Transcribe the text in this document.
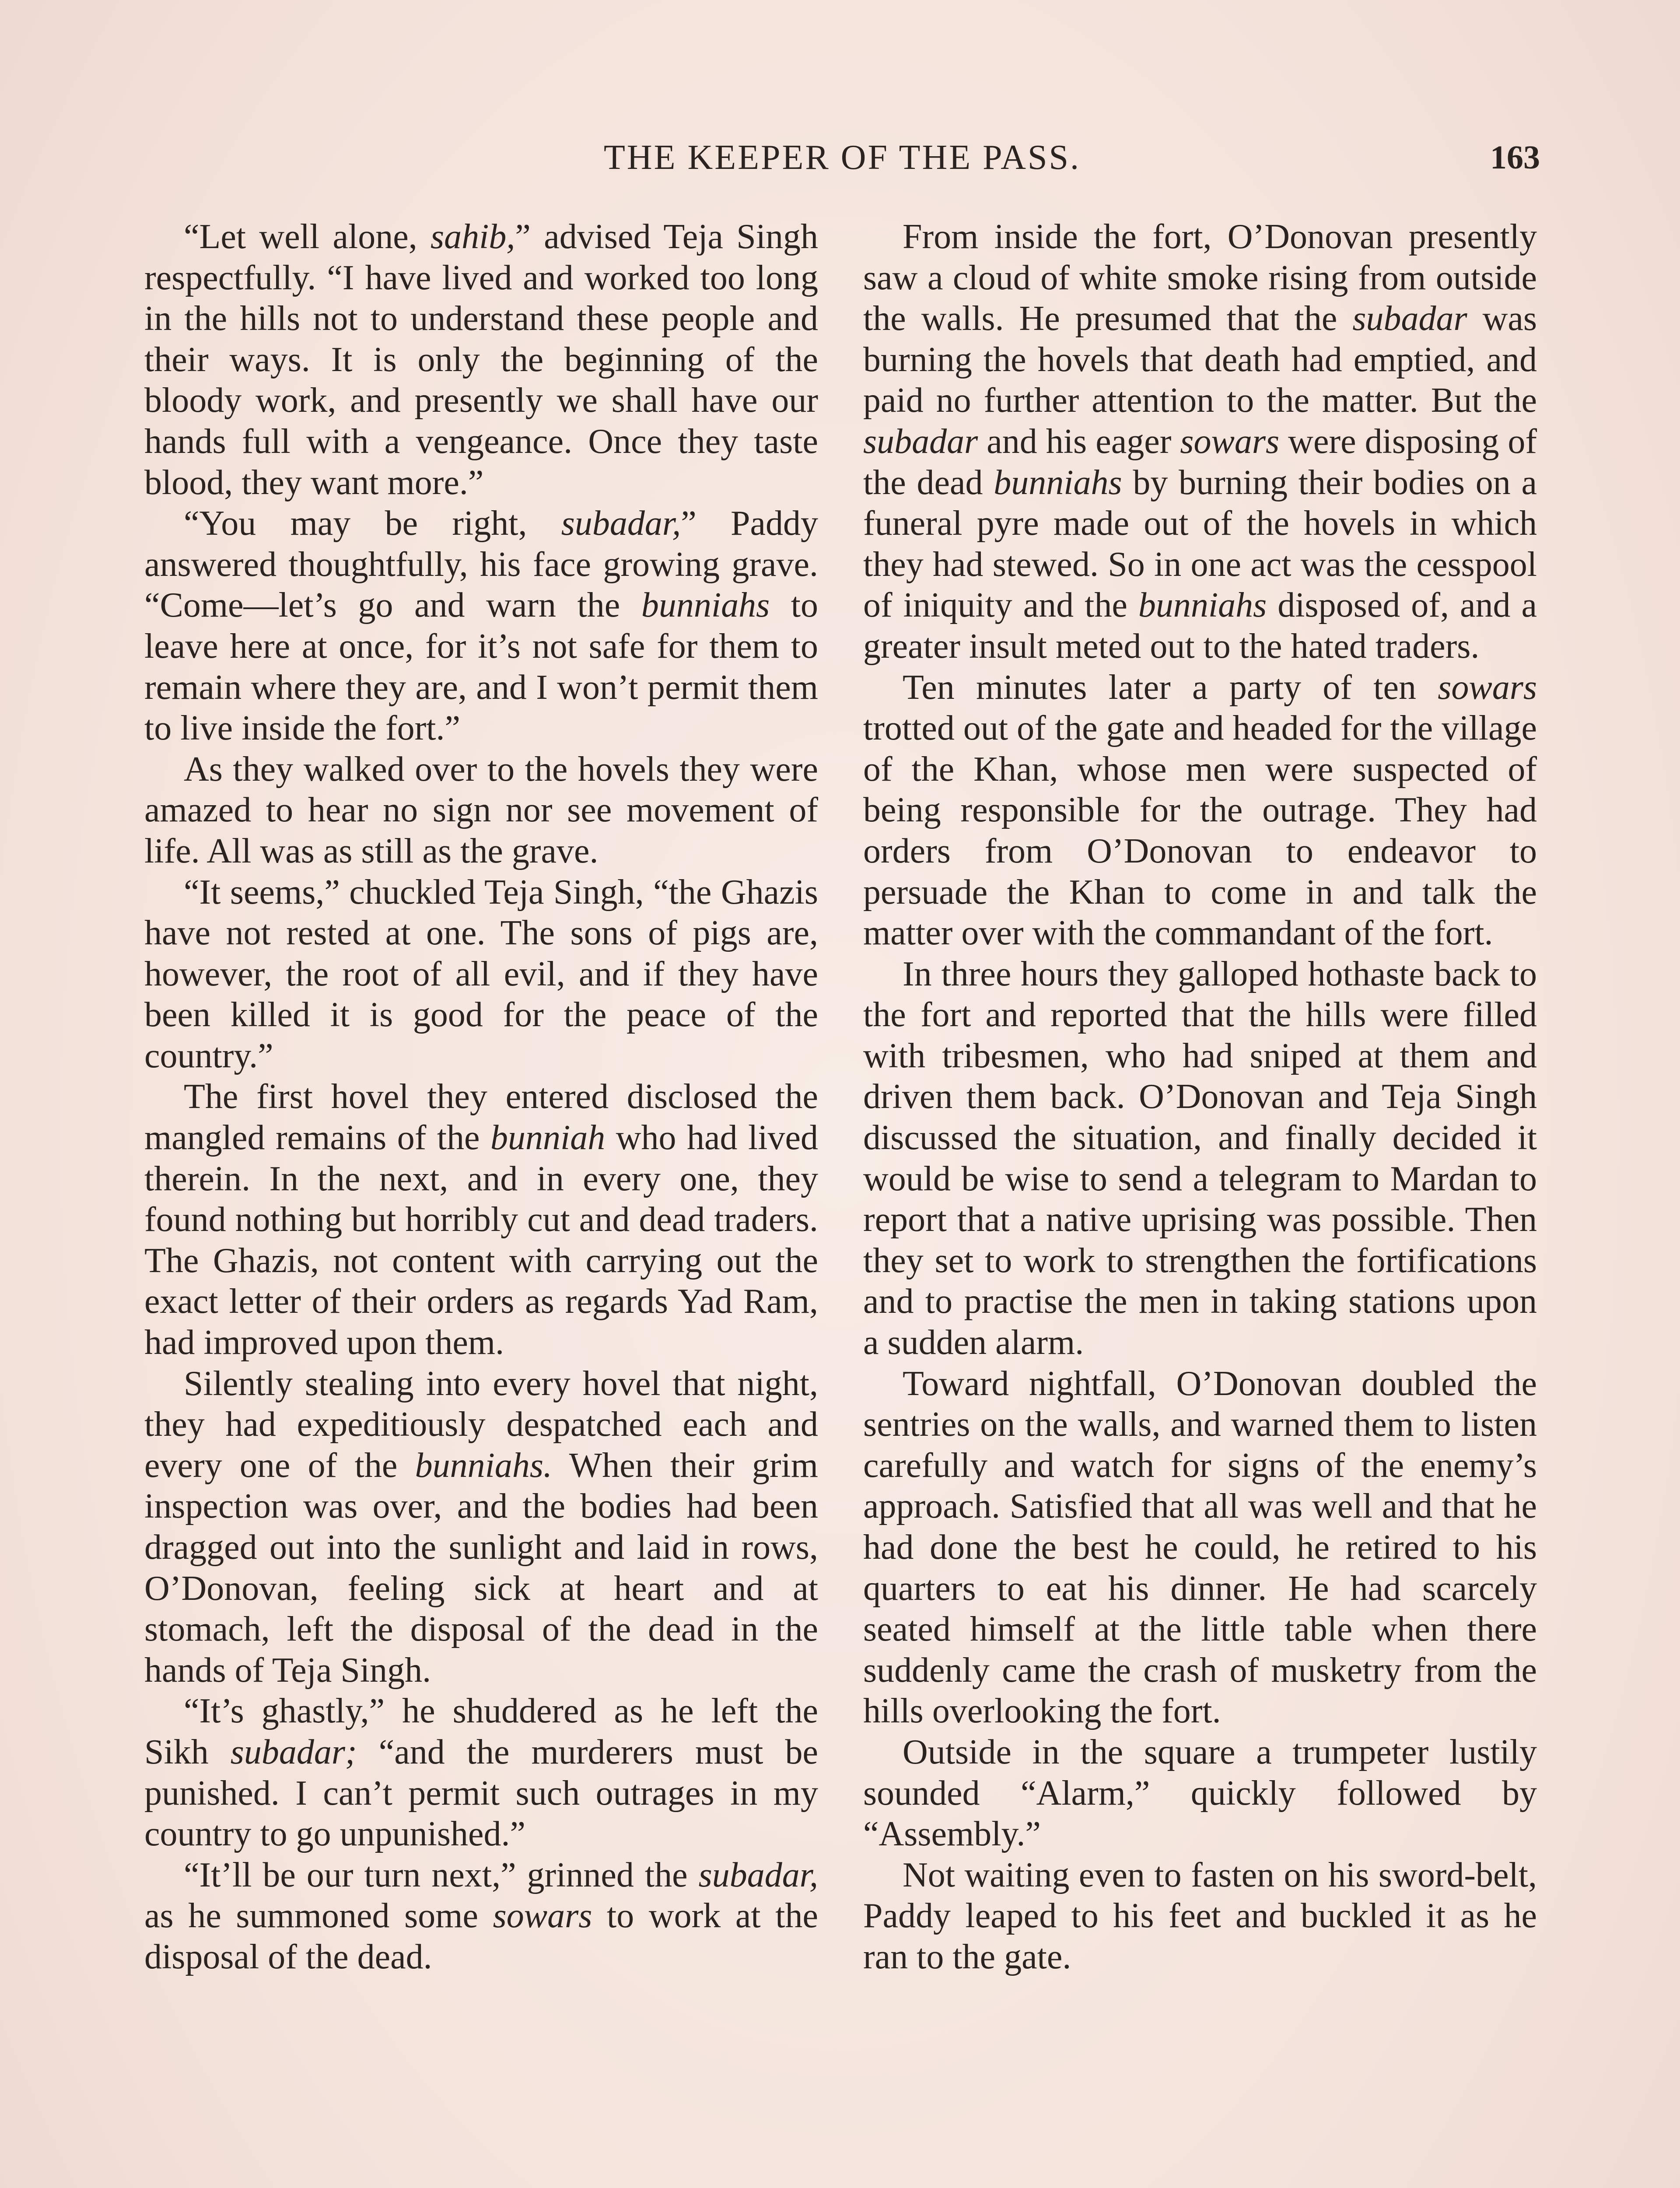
THE KEEPER OF THE PASS.	163

“Let well alone, sahib,” advised Teja Singh respectfully. “I have lived and worked too long in the hills not to understand these people and their ways. It is only the beginning of the bloody work, and presently we shall have our hands full with a vengeance. Once they taste blood, they want more.”

“You may be right, subadar,” Paddy answered thoughtfully, his face growing grave. “Come—let’s go and warn the bunniahs to leave here at once, for it’s not safe for them to remain where they are, and I won’t permit them to live inside the fort.”

As they walked over to the hovels they were amazed to hear no sign nor see movement of life. All was as still as the grave.

“It seems,” chuckled Teja Singh, “the Ghazis have not rested at one. The sons of pigs are, however, the root of all evil, and if they have been killed it is good for the peace of the country.”

The first hovel they entered disclosed the mangled remains of the bunniah who had lived therein. In the next, and in every one, they found nothing but horribly cut and dead traders. The Ghazis, not content with carrying out the exact letter of their orders as regards Yad Ram, had improved upon them.

Silently stealing into every hovel that night, they had expeditiously despatched each and every one of the bunniahs. When their grim inspection was over, and the bodies had been dragged out into the sunlight and laid in rows, O’Donovan, feeling sick at heart and at stomach, left the disposal of the dead in the hands of Teja Singh.

“It’s ghastly,” he shuddered as he left the Sikh subadar; “and the murderers must be punished. I can’t permit such outrages in my country to go unpunished.”

“It’ll be our turn next,” grinned the subadar, as he summoned some sowars to work at the disposal of the dead.

From inside the fort, O’Donovan presently saw a cloud of white smoke rising from outside the walls. He presumed that the subadar was burning the hovels that death had emptied, and paid no further attention to the matter. But the subadar and his eager sowars were disposing of the dead bunniahs by burning their bodies on a funeral pyre made out of the hovels in which they had stewed. So in one act was the cesspool of iniquity and the bunniahs disposed of, and a greater insult meted out to the hated traders.

Ten minutes later a party of ten sowars trotted out of the gate and headed for the village of the Khan, whose men were suspected of being responsible for the outrage. They had orders from O’Donovan to endeavor to persuade the Khan to come in and talk the matter over with the commandant of the fort.

In three hours they galloped hothaste back to the fort and reported that the hills were filled with tribesmen, who had sniped at them and driven them back. O’Donovan and Teja Singh discussed the situation, and finally decided it would be wise to send a telegram to Mardan to report that a native uprising was possible. Then they set to work to strengthen the fortifications and to practise the men in taking stations upon a sudden alarm.

Toward nightfall, O’Donovan doubled the sentries on the walls, and warned them to listen carefully and watch for signs of the enemy’s approach. Satisfied that all was well and that he had done the best he could, he retired to his quarters to eat his dinner. He had scarcely seated himself at the little table when there suddenly came the crash of musketry from the hills overlooking the fort.

Outside in the square a trumpeter lustily sounded “Alarm,” quickly followed by “Assembly.”

Not waiting even to fasten on his sword-belt, Paddy leaped to his feet and buckled it as he ran to the gate.
